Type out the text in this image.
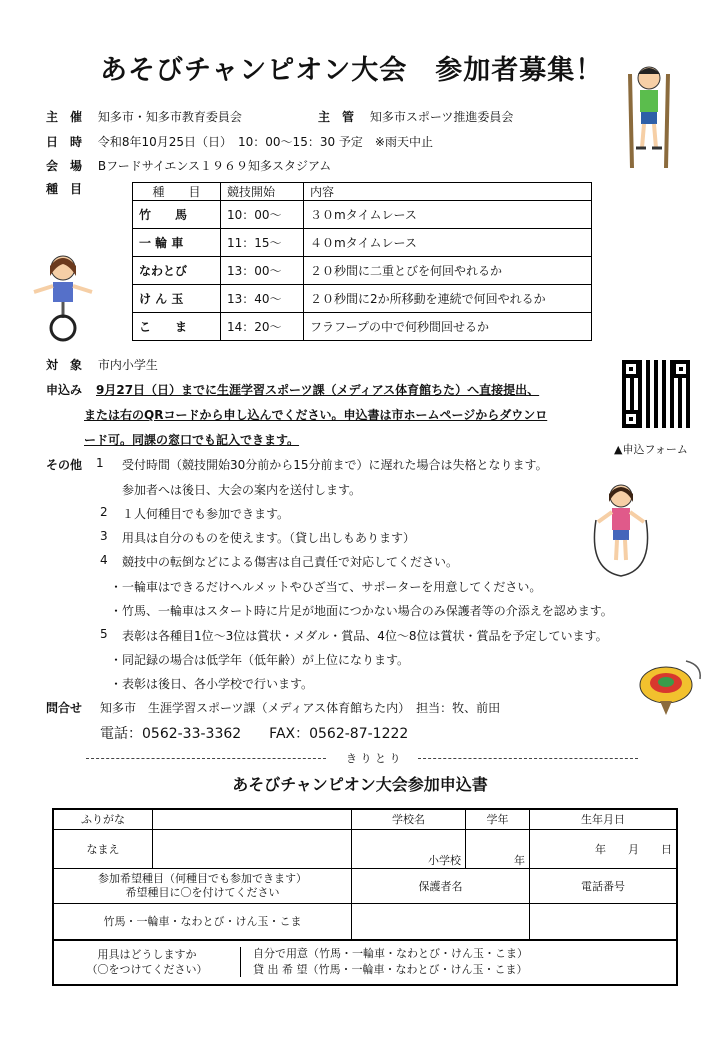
あそびチャンピオン大会　参加者募集！
主　催 知多市・知多市教育委員会	主　管 知多市スポーツ推進委員会
日　時 令和8年10月25日（日）　10：00〜15：30 予定　※雨天中止
会　場 Bフードサイエンス１９６９知多スタジアム
種　目	種　　目	競技開始	内容
竹　　馬	10：00〜	３０mタイムレース
一 輪 車	11：15〜	４０mタイムレース
なわとび	13：00〜	２０秒間に二重とびを何回やれるか
け ん 玉	13：40〜	２０秒間に2か所移動を連続で何回やれるか
こ　　ま	14：20〜	フラフープの中で何秒間回せるか
対　象 市内小学生
申込み 9月27日（日）までに生涯学習スポーツ課（メディアス体育館ちた）へ直接提出、
または右のQRコードから申し込んでください。申込書は市ホームページからダウンロ
ード可。同課の窓口でも記入できます。
▲申込フォーム
その他 1 受付時間（競技開始30分前から15分前まで）に遅れた場合は失格となります。
参加者へは後日、大会の案内を送付します。
2 １人何種目でも参加できます。
3 用具は自分のものを使えます。（貸し出しもあります）
4 競技中の転倒などによる傷害は自己責任で対応してください。
・一輪車はできるだけヘルメットやひざ当て、サポーターを用意してください。
・竹馬、一輪車はスタート時に片足が地面につかない場合のみ保護者等の介添えを認めます。
5 表彰は各種目1位〜3位は賞状・メダル・賞品、4位〜8位は賞状・賞品を予定しています。
・同記録の場合は低学年（低年齢）が上位になります。
・表彰は後日、各小学校で行います。
問合せ 知多市　生涯学習スポーツ課（メディアス体育館ちた内）　担当：牧、前田
電話：0562-33-3362　　FAX：0562-87-1222
き り と り
あそびチャンピオン大会参加申込書
ふりがな		学校名	学年	生年月日
なまえ		小学校	年	年　　月　　日

参加希望種目（何種目でも参加できます）
希望種目に〇を付けてください		保護者名		電話番号
竹馬・一輪車・なわとび・けん玉・こま				

用具はどうしますか
（〇をつけてください）
自分で用意（竹馬・一輪車・なわとび・けん玉・こま）
貸 出 希 望（竹馬・一輪車・なわとび・けん玉・こま）				
